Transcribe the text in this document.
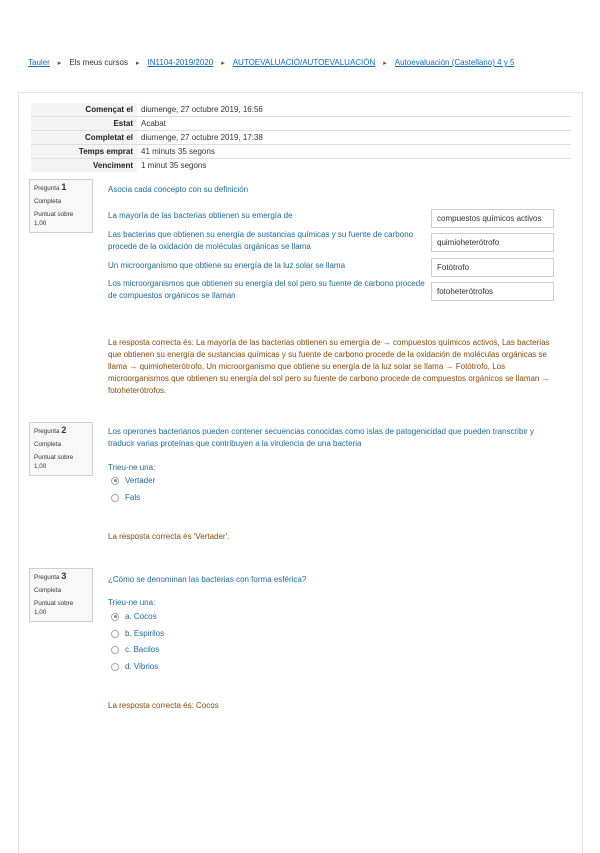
Tauler ▸ Els meus cursos ▸ IN1104-2019/2020 ▸ AUTOEVALUACIÓ/AUTOEVALUACIÓN ▸ Autoevaluación (Castellano) 4 y 5
Començat el	diumenge, 27 octubre 2019, 16:56
Estat	Acabat
Completat el	diumenge, 27 octubre 2019, 17:38
Temps emprat	41 minuts 35 segons
Venciment	1 minut 35 segons
Pregunta 1
Completa
Puntuat sobre
1,00
Asocia cada concepto con su definición
La mayoría de las bacterias obtienen su emergía de	compuestos químicos activos
Las bacterias que obtienen su energía de sustancias químicas y su fuente de carbono procede de la oxidación de moléculas orgánicas se llama	quimioheterótrofo
Un microorganismo que obtiene su energía de la luz solar se llama	Fotótrofo
Los microorganismos que obtienen su energía del sol pero su fuente de carbono procede de compuestos orgánicos se llaman	fotoheterótrofos
La resposta correcta és: La mayoría de las bacterias obtienen su emergía de → compuestos químicos activos, Las bacterias que obtienen su energía de sustancias químicas y su fuente de carbono procede de la oxidación de moléculas orgánicas se llama → quimioheterótrofo, Un microorganismo que obtiene su energía de la luz solar se llama → Fotótrofo, Los microorganismos que obtienen su energía del sol pero su fuente de carbono procede de compuestos orgánicos se llaman → fotoheterótrofos.
Pregunta 2
Completa
Puntuat sobre
1,00
Los operones bacterianos pueden contener secuencias conocidas como islas de patogenicidad que pueden transcribir y traducir varias proteínas que contribuyen a la virulencia de una bacteria
Trieu-ne una:
Vertader
Fals
La resposta correcta és 'Vertader'.
Pregunta 3
Completa
Puntuat sobre
1,00
¿Cómo se denominan las bacterias con forma esférica?
Trieu-ne una:
a. Cocos
b. Espirilos
c. Bacilos
d. Vibrios
La resposta correcta és: Cocos
